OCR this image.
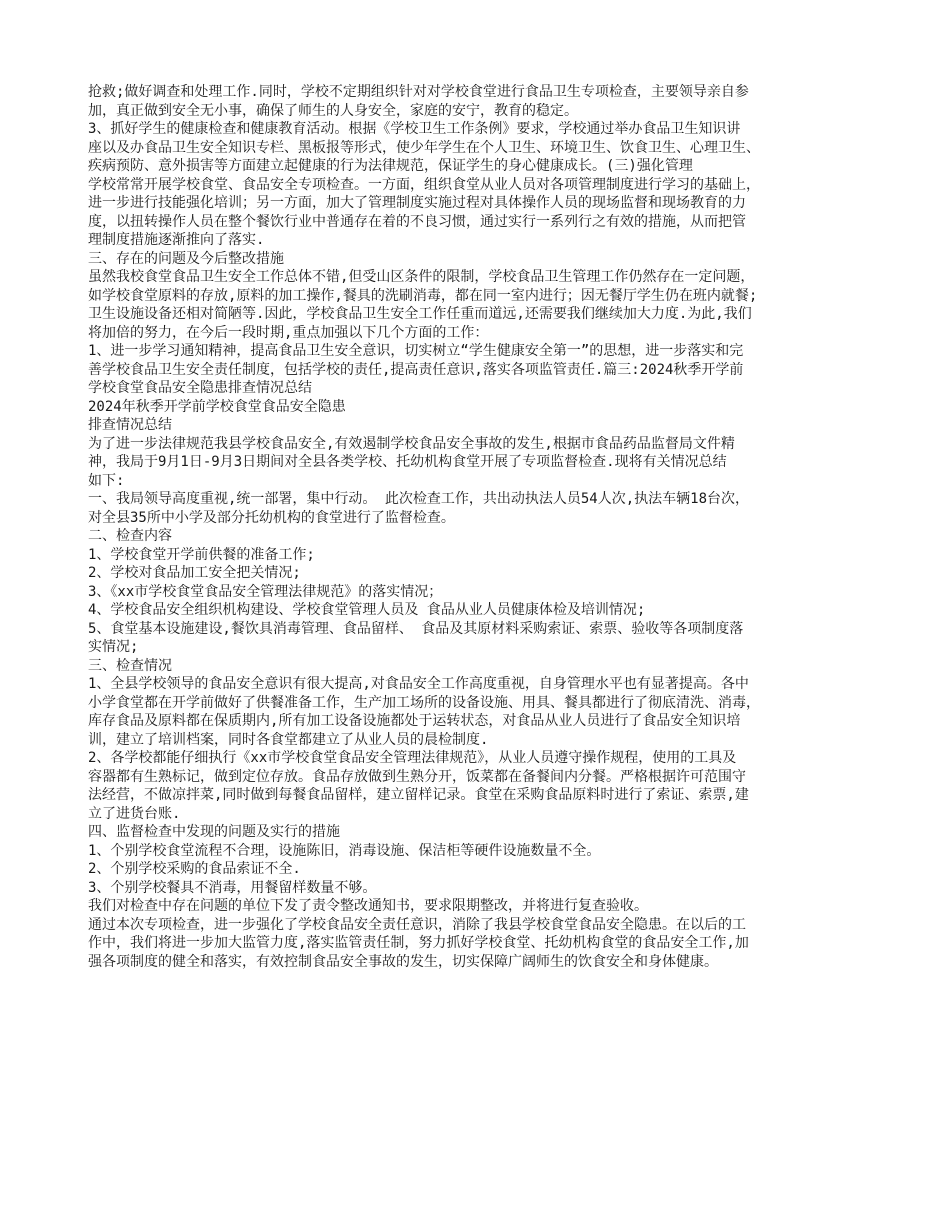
抢救;做好调查和处理工作.同时，学校不定期组织针对对学校食堂进行食品卫生专项检查，主要领导亲自参
加，真正做到安全无小事，确保了师生的人身安全，家庭的安宁，教育的稳定。
3、抓好学生的健康检查和健康教育活动。根据《学校卫生工作条例》要求，学校通过举办食品卫生知识讲
座以及办食品卫生安全知识专栏、黑板报等形式，使少年学生在个人卫生、环境卫生、饮食卫生、心理卫生、
疾病预防、意外损害等方面建立起健康的行为法律规范，保证学生的身心健康成长。(三)强化管理
学校常常开展学校食堂、食品安全专项检查。一方面，组织食堂从业人员对各项管理制度进行学习的基础上，
进一步进行技能强化培训；另一方面，加大了管理制度实施过程对具体操作人员的现场监督和现场教育的力
度，以扭转操作人员在整个餐饮行业中普通存在着的不良习惯，通过实行一系列行之有效的措施，从而把管
理制度措施逐渐推向了落实.
三、存在的问题及今后整改措施
虽然我校食堂食品卫生安全工作总体不错,但受山区条件的限制，学校食品卫生管理工作仍然存在一定问题，
如学校食堂原料的存放,原料的加工操作,餐具的洗刷消毒，都在同一室内进行；因无餐厅学生仍在班内就餐;
卫生设施设备还相对简陋等.因此，学校食品卫生安全工作任重而道远,还需要我们继续加大力度.为此,我们
将加倍的努力，在今后一段时期,重点加强以下几个方面的工作：
1、进一步学习通知精神，提高食品卫生安全意识，切实树立“学生健康安全第一”的思想，进一步落实和完
善学校食品卫生安全责任制度，包括学校的责任,提高责任意识,落实各项监管责任.篇三:2024秋季开学前
学校食堂食品安全隐患排查情况总结
2024年秋季开学前学校食堂食品安全隐患
排查情况总结
为了进一步法律规范我县学校食品安全,有效遏制学校食品安全事故的发生,根据市食品药品监督局文件精
神，我局于9月1日-9月3日期间对全县各类学校、托幼机构食堂开展了专项监督检查.现将有关情况总结
如下:
一、我局领导高度重视,统一部署，集中行动。 此次检查工作，共出动执法人员54人次,执法车辆18台次，
对全县35所中小学及部分托幼机构的食堂进行了监督检查。
二、检查内容
1、学校食堂开学前供餐的准备工作;
2、学校对食品加工安全把关情况;
3、《xx市学校食堂食品安全管理法律规范》的落实情况；
4、学校食品安全组织机构建设、学校食堂管理人员及 食品从业人员健康体检及培训情况;
5、食堂基本设施建设,餐饮具消毒管理、食品留样、 食品及其原材料采购索证、索票、验收等各项制度落
实情况;
三、检查情况
1、全县学校领导的食品安全意识有很大提高,对食品安全工作高度重视，自身管理水平也有显著提高。各中
小学食堂都在开学前做好了供餐准备工作，生产加工场所的设备设施、用具、餐具都进行了彻底清洗、消毒，
库存食品及原料都在保质期内,所有加工设备设施都处于运转状态，对食品从业人员进行了食品安全知识培
训，建立了培训档案，同时各食堂都建立了从业人员的晨检制度.
2、各学校都能仔细执行《xx市学校食堂食品安全管理法律规范》，从业人员遵守操作规程，使用的工具及
容器都有生熟标记，做到定位存放。食品存放做到生熟分开，饭菜都在备餐间内分餐。严格根据许可范围守
法经营，不做凉拌菜,同时做到每餐食品留样，建立留样记录。食堂在采购食品原料时进行了索证、索票,建
立了进货台账.
四、监督检查中发现的问题及实行的措施
1、个别学校食堂流程不合理，设施陈旧，消毒设施、保洁柜等硬件设施数量不全。
2、个别学校采购的食品索证不全.
3、个别学校餐具不消毒，用餐留样数量不够。
我们对检查中存在问题的单位下发了责令整改通知书，要求限期整改，并将进行复查验收。
通过本次专项检查，进一步强化了学校食品安全责任意识，消除了我县学校食堂食品安全隐患。在以后的工
作中，我们将进一步加大监管力度,落实监管责任制，努力抓好学校食堂、托幼机构食堂的食品安全工作,加
强各项制度的健全和落实，有效控制食品安全事故的发生，切实保障广阔师生的饮食安全和身体健康。
